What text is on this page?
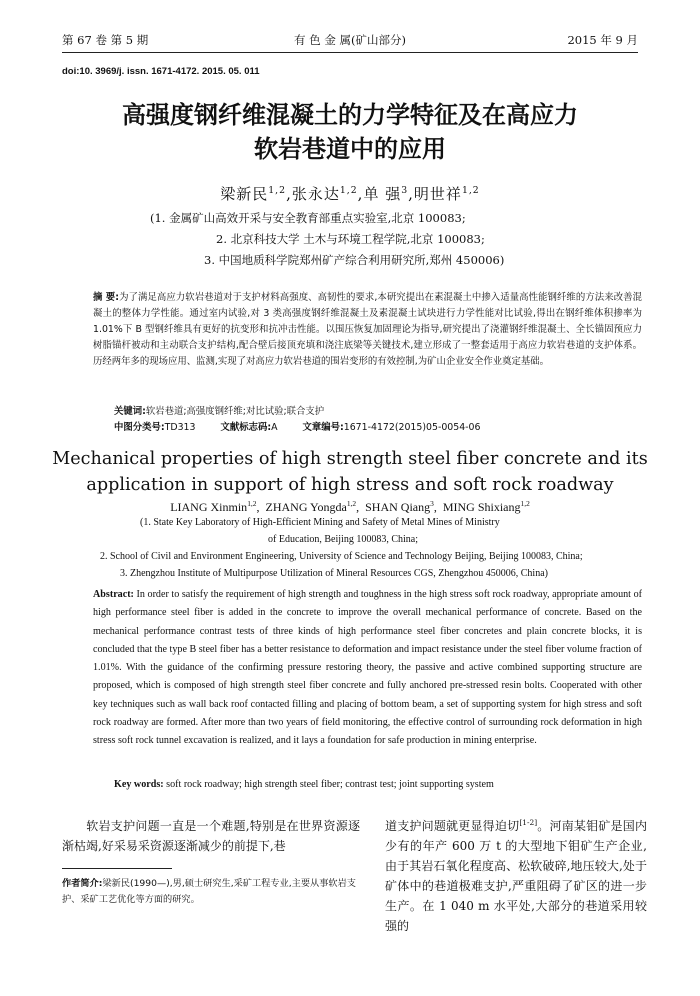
第 67 卷 第 5 期	有 色 金 属(矿山部分)	2015 年 9 月
doi:10. 3969/j. issn. 1671-4172. 2015. 05. 011
高强度钢纤维混凝土的力学特征及在高应力
软岩巷道中的应用
梁新民$^{1,2}$,张永达$^{1,2}$,单 强$^3$,明世祥$^{1,2}$
(1. 金属矿山高效开采与安全教育部重点实验室,北京 100083;
2. 北京科技大学 土木与环境工程学院,北京 100083;
3. 中国地质科学院郑州矿产综合利用研究所,郑州 450006)
摘 要:为了满足高应力软岩巷道对于支护材料高强度、高韧性的要求,本研究提出在素混凝土中掺入适量高性能钢纤维的方法来改善混凝土的整体力学性能。通过室内试验,对 3 类高强度钢纤维混凝土及素混凝土试块进行力学性能对比试验,得出在钢纤维体积掺率为 1.01%下 B 型钢纤维具有更好的抗变形和抗冲击性能。以围压恢复加固理论为指导,研究提出了浇灌钢纤维混凝土、全长锚固预应力树脂锚杆被动和主动联合支护结构,配合壁后接顶充填和浇注底梁等关键技术,建立形成了一整套适用于高应力软岩巷道的支护体系。历经两年多的现场应用、监测,实现了对高应力软岩巷道的围岩变形的有效控制,为矿山企业安全作业奠定基础。
关键词:软岩巷道;高强度钢纤维;对比试验;联合支护
中图分类号:TD313	文献标志码:A	文章编号:1671-4172(2015)05-0054-06
Mechanical properties of high strength steel fiber concrete and its
application in support of high stress and soft rock roadway
LIANG Xinmin$^{1,2}$,  ZHANG Yongda$^{1,2}$,  SHAN Qiang$^3$,  MING Shixiang$^{1,2}$
(1. State Key Laboratory of High-Efficient Mining and Safety of Metal Mines of Ministry
of Education, Beijing 100083, China;
2. School of Civil and Environment Engineering, University of Science and Technology Beijing, Beijing 100083, China;
3. Zhengzhou Institute of Multipurpose Utilization of Mineral Resources CGS, Zhengzhou 450006, China)
Abstract: In order to satisfy the requirement of high strength and toughness in the high stress soft rock roadway, appropriate amount of high performance steel fiber is added in the concrete to improve the overall mechanical performance of concrete. Based on the mechanical performance contrast tests of three kinds of high performance steel fiber concretes and plain concrete blocks, it is concluded that the type B steel fiber has a better resistance to deformation and impact resistance under the steel fiber volume fraction of 1.01%. With the guidance of the confirming pressure restoring theory, the passive and active combined supporting structure are proposed, which is composed of high strength steel fiber concrete and fully anchored pre-stressed resin bolts. Cooperated with other key techniques such as wall back roof contacted filling and placing of bottom beam, a set of supporting system for high stress and soft rock roadway are formed. After more than two years of field monitoring, the effective control of surrounding rock deformation in high stress soft rock tunnel excavation is realized, and it lays a foundation for safe production in mining enterprise.
Key words: soft rock roadway; high strength steel fiber; contrast test; joint supporting system
软岩支护问题一直是一个难题,特别是在世界资源逐渐枯竭,好采易采资源逐渐减少的前提下,巷
作者简介:梁新民(1990—),男,硕士研究生,采矿工程专业,主要从事软岩支护、采矿工艺优化等方面的研究。
道支护问题就更显得迫切[1-2]。河南某钼矿是国内少有的年产 600 万 t 的大型地下钼矿生产企业,由于其岩石氧化程度高、松软破碎,地压较大,处于矿体中的巷道极难支护,严重阻碍了矿区的进一步生产。在 1 040 m 水平处,大部分的巷道采用较强的
